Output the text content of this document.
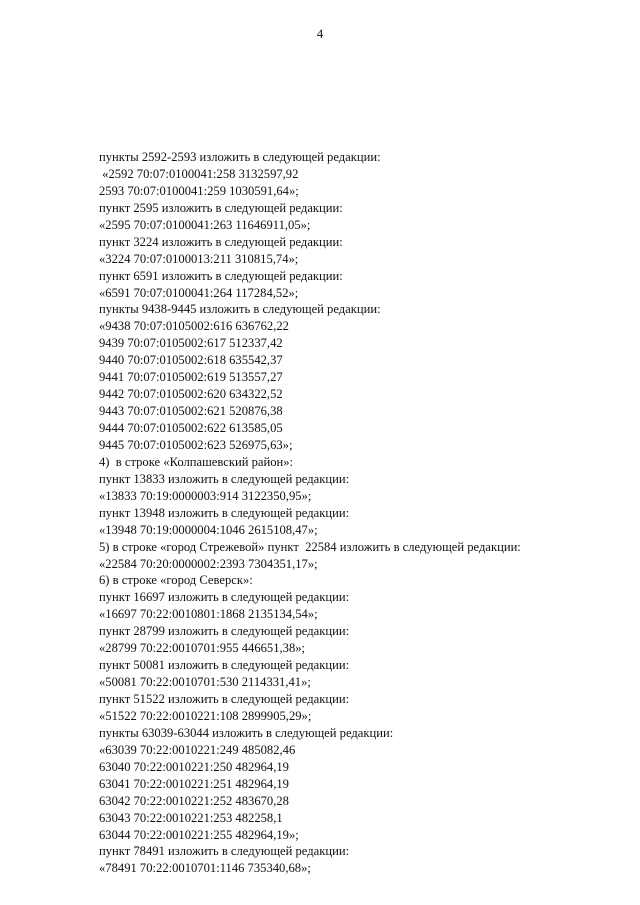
4
пункты 2592-2593 изложить в следующей редакции:
«2592 70:07:0100041:258 3132597,92
2593 70:07:0100041:259 1030591,64»;
пункт 2595 изложить в следующей редакции:
«2595 70:07:0100041:263 11646911,05»;
пункт 3224 изложить в следующей редакции:
«3224 70:07:0100013:211 310815,74»;
пункт 6591 изложить в следующей редакции:
«6591 70:07:0100041:264 117284,52»;
пункты 9438-9445 изложить в следующей редакции:
«9438 70:07:0105002:616 636762,22
9439 70:07:0105002:617 512337,42
9440 70:07:0105002:618 635542,37
9441 70:07:0105002:619 513557,27
9442 70:07:0105002:620 634322,52
9443 70:07:0105002:621 520876,38
9444 70:07:0105002:622 613585,05
9445 70:07:0105002:623 526975,63»;
4)  в строке «Колпашевский район»:
пункт 13833 изложить в следующей редакции:
«13833 70:19:0000003:914 3122350,95»;
пункт 13948 изложить в следующей редакции:
«13948 70:19:0000004:1046 2615108,47»;
5) в строке «город Стрежевой» пункт  22584 изложить в следующей редакции:
«22584 70:20:0000002:2393 7304351,17»;
6) в строке «город Северск»:
пункт 16697 изложить в следующей редакции:
«16697 70:22:0010801:1868 2135134,54»;
пункт 28799 изложить в следующей редакции:
«28799 70:22:0010701:955 446651,38»;
пункт 50081 изложить в следующей редакции:
«50081 70:22:0010701:530 2114331,41»;
пункт 51522 изложить в следующей редакции:
«51522 70:22:0010221:108 2899905,29»;
пункты 63039-63044 изложить в следующей редакции:
«63039 70:22:0010221:249 485082,46
63040 70:22:0010221:250 482964,19
63041 70:22:0010221:251 482964,19
63042 70:22:0010221:252 483670,28
63043 70:22:0010221:253 482258,1
63044 70:22:0010221:255 482964,19»;
пункт 78491 изложить в следующей редакции:
«78491 70:22:0010701:1146 735340,68»;
